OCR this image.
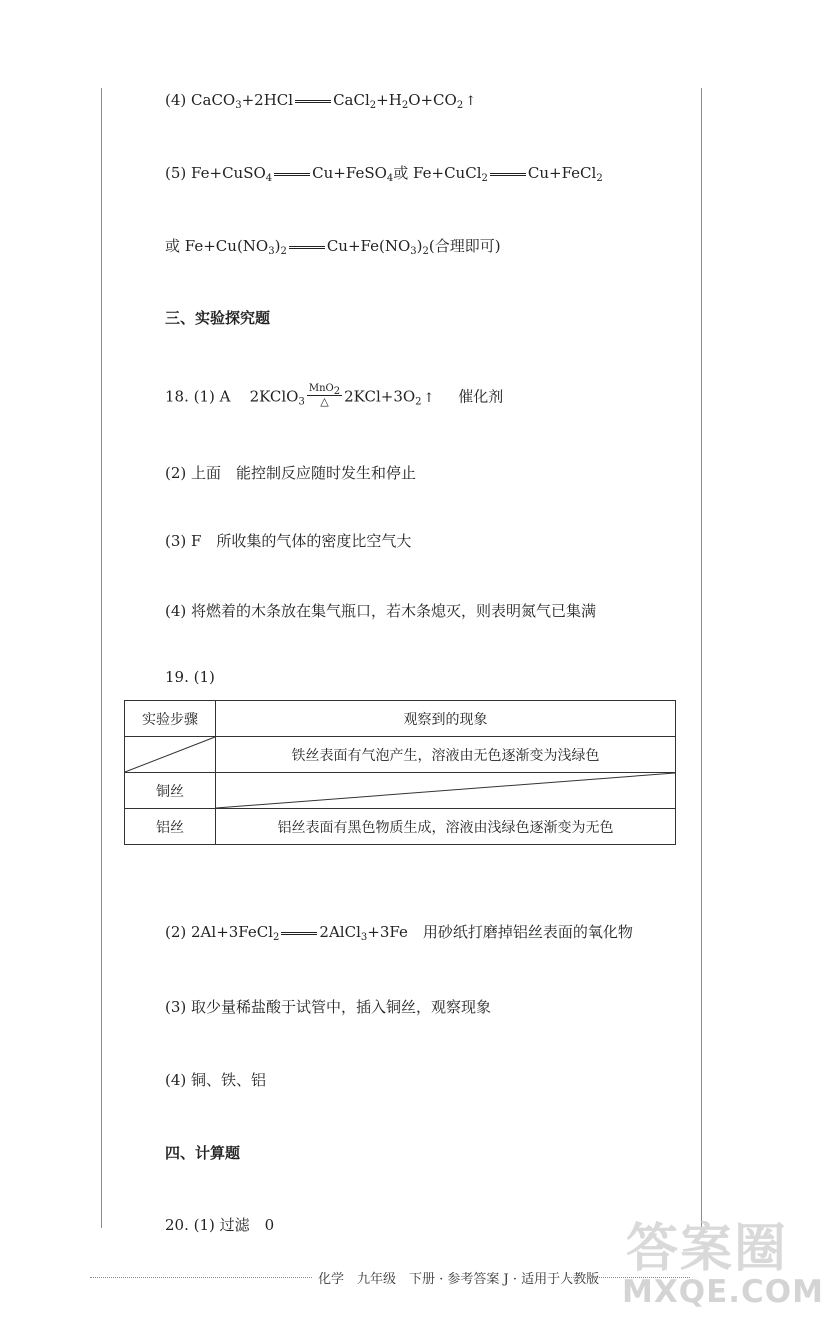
(4) CaCO$_3$+2HCl	$CaCl_2+H_2O+CO_2$ ↑
(5) Fe+CuSO$_4$	Cu+FeSO$_4$或 Fe+CuCl$_2$	Cu+FeCl$_2$
或 $Fe+Cu(NO_3)_2$	$Cu+Fe(NO_3)_2$(合理即可)
三、实验探究题
18. (1) A 2KClO$_3$ $\frac{MnO_2}{\triangle} 2KCl+3O_2$ ↑ 催化剂
(2) 上面　能控制反应随时发生和停止
(3) F　所收集的气体的密度比空气大
(4) 将燃着的木条放在集气瓶口，若木条熄灭，则表明氮气已集满
19. (1)
实验步骤	观察到的现象

	铁丝表面有气泡产生，溶液由无色逐渐变为浅绿色
铜丝	

铝丝	铝丝表面有黑色物质生成，溶液由浅绿色逐渐变为无色
(2) 2Al+3FeCl$_2$	2AlCl$_3$+3Fe　用砂纸打磨掉铝丝表面的氧化物
(3) 取少量稀盐酸于试管中，插入铜丝，观察现象
(4) 铜、铁、铝
四、计算题
20. (1) 过滤　0
化学　九年级　下册 · 参考答案 J · 适用于人教版
答案圈
MXQE.COM
